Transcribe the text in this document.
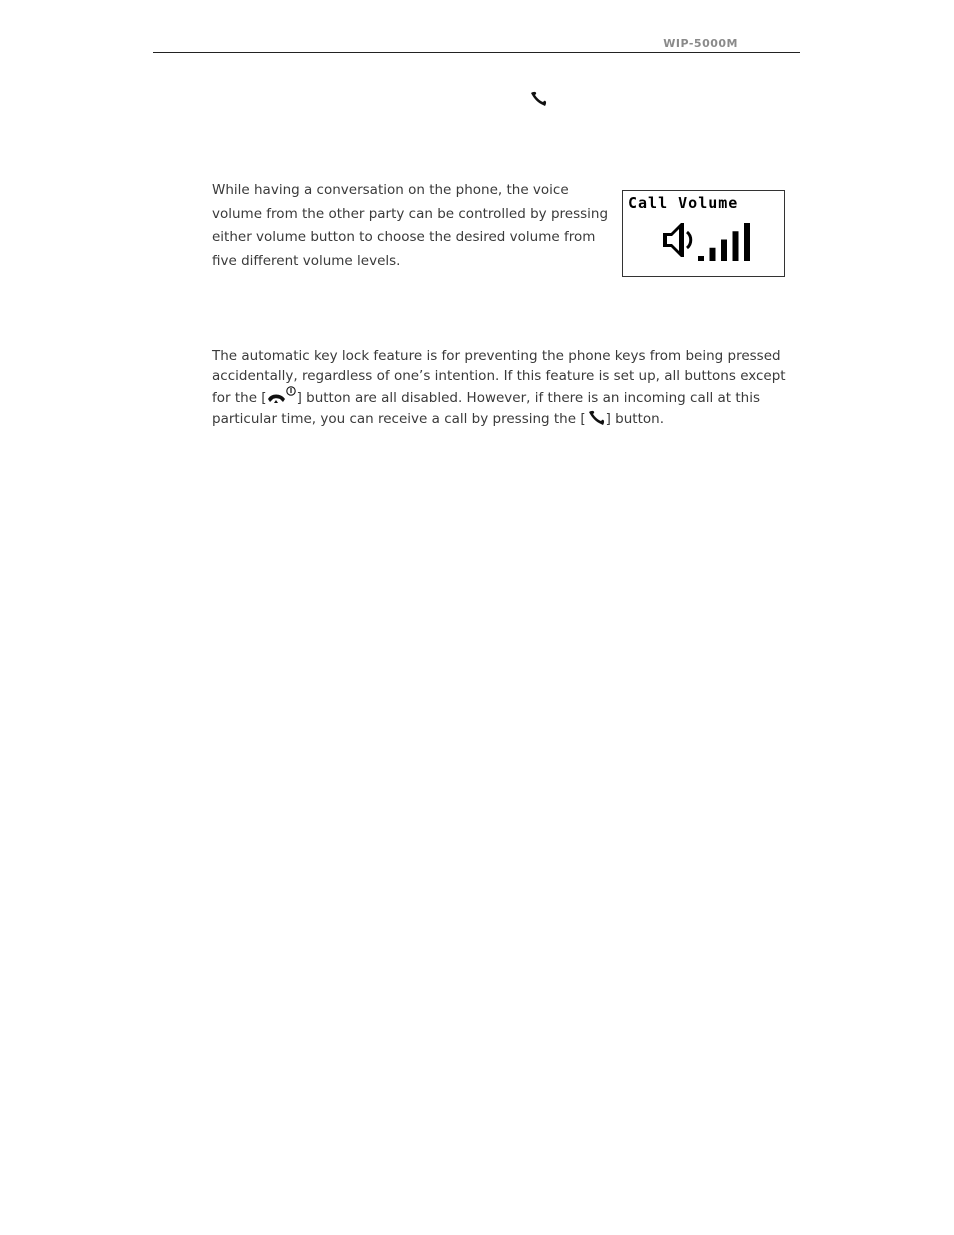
WIP-5000M

While having a conversation on the phone, the voice volume from the other party can be controlled by pressing either volume button to choose the desired volume from five different volume levels.

Call Volume

The automatic key lock feature is for preventing the phone keys from being pressed accidentally, regardless of one’s intention. If this feature is set up, all buttons except for the [ ] button are all disabled. However, if there is an incoming call at this particular time, you can receive a call by pressing the [ ] button.
